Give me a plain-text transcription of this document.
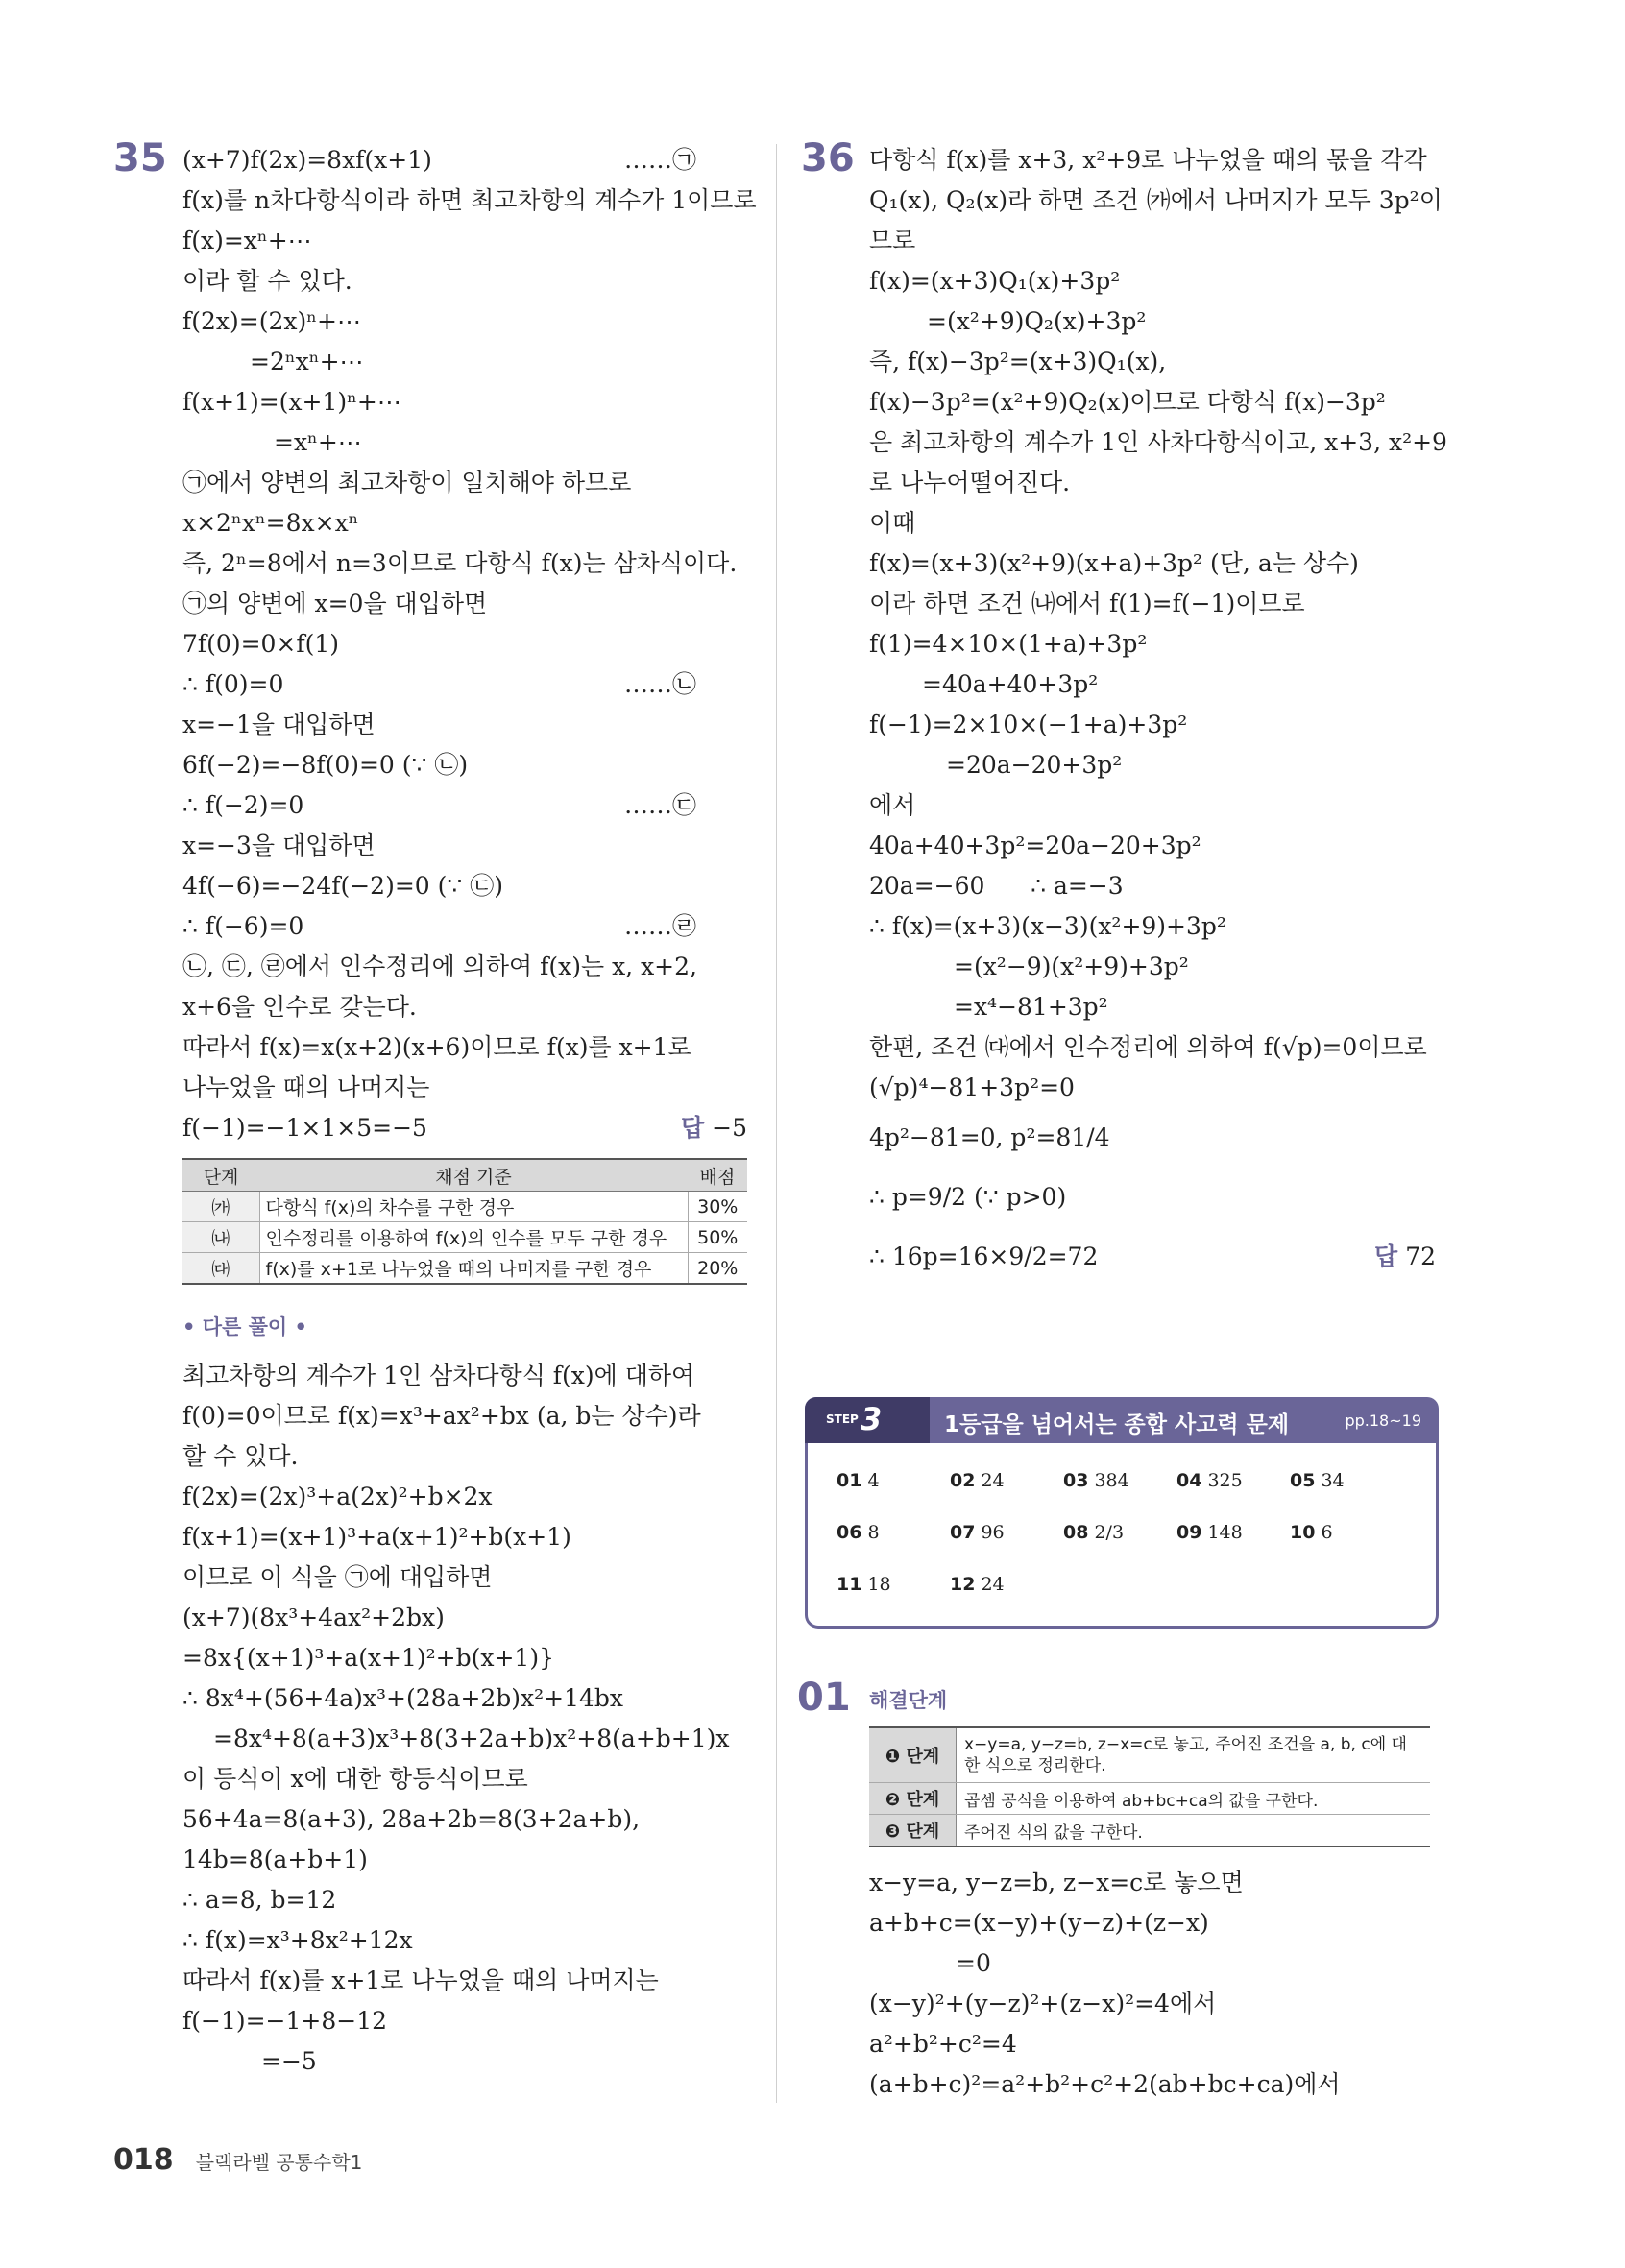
35 (x+7)f(2x)=8xf(x+1)	……㉠
f(x)를 n차다항식이라 하면 최고차항의 계수가 1이므로
f(x)=xⁿ+⋯
이라 할 수 있다.
f(2x)=(2x)ⁿ+⋯
=2ⁿxⁿ+⋯
f(x+1)=(x+1)ⁿ+⋯
=xⁿ+⋯
㉠에서 양변의 최고차항이 일치해야 하므로
x×2ⁿxⁿ=8x×xⁿ
즉, 2ⁿ=8에서 n=3이므로 다항식 f(x)는 삼차식이다.
㉠의 양변에 x=0을 대입하면
7f(0)=0×f(1)
∴ f(0)=0	……㉡
x=−1을 대입하면
6f(−2)=−8f(0)=0 (∵ ㉡)
∴ f(−2)=0	……㉢
x=−3을 대입하면
4f(−6)=−24f(−2)=0 (∵ ㉢)
∴ f(−6)=0	……㉣
㉡, ㉢, ㉣에서 인수정리에 의하여 f(x)는 x, x+2,
x+6을 인수로 갖는다.
따라서 f(x)=x(x+2)(x+6)이므로 f(x)를 x+1로
나누었을 때의 나머지는
f(−1)=−1×1×5=−5	답 −5
단계	채점 기준	배점
㈎	다항식 f(x)의 차수를 구한 경우	30%
㈏	인수정리를 이용하여 f(x)의 인수를 모두 구한 경우	50%
㈐	f(x)를 x+1로 나누었을 때의 나머지를 구한 경우	20%
• 다른 풀이 •
최고차항의 계수가 1인 삼차다항식 f(x)에 대하여
f(0)=0이므로 f(x)=x³+ax²+bx (a, b는 상수)라
할 수 있다.
f(2x)=(2x)³+a(2x)²+b×2x
f(x+1)=(x+1)³+a(x+1)²+b(x+1)
이므로 이 식을 ㉠에 대입하면
(x+7)(8x³+4ax²+2bx)
=8x{(x+1)³+a(x+1)²+b(x+1)}
∴ 8x⁴+(56+4a)x³+(28a+2b)x²+14bx
=8x⁴+8(a+3)x³+8(3+2a+b)x²+8(a+b+1)x
이 등식이 x에 대한 항등식이므로
56+4a=8(a+3), 28a+2b=8(3+2a+b),
14b=8(a+b+1)
∴ a=8, b=12
∴ f(x)=x³+8x²+12x
따라서 f(x)를 x+1로 나누었을 때의 나머지는
f(−1)=−1+8−12
=−5
36 다항식 f(x)를 x+3, x²+9로 나누었을 때의 몫을 각각
Q₁(x), Q₂(x)라 하면 조건 ㈎에서 나머지가 모두 3p²이
므로
f(x)=(x+3)Q₁(x)+3p²
=(x²+9)Q₂(x)+3p²
즉, f(x)−3p²=(x+3)Q₁(x),
f(x)−3p²=(x²+9)Q₂(x)이므로 다항식 f(x)−3p²
은 최고차항의 계수가 1인 사차다항식이고, x+3, x²+9
로 나누어떨어진다.
이때
f(x)=(x+3)(x²+9)(x+a)+3p² (단, a는 상수)
이라 하면 조건 ㈏에서 f(1)=f(−1)이므로
f(1)=4×10×(1+a)+3p²
=40a+40+3p²
f(−1)=2×10×(−1+a)+3p²
=20a−20+3p²
에서
40a+40+3p²=20a−20+3p²
20a=−60      ∴ a=−3
∴ f(x)=(x+3)(x−3)(x²+9)+3p²
=(x²−9)(x²+9)+3p²
=x⁴−81+3p²
한편, 조건 ㈐에서 인수정리에 의하여 f(√p)=0이므로
(√p)⁴−81+3p²=0
4p²−81=0, p²=81/4
∴ p=9/2 (∵ p>0)
∴ 16p=16×9/2=72	답 72
STEP 3	1등급을 넘어서는 종합 사고력 문제	pp.18~19
01 4	02 24	03 384	04 325	05 34
06 8	07 96	08 2/3	09 148	10 6
11 18	12 24
01 해결단계
❶ 단계	x−y=a, y−z=b, z−x=c로 놓고, 주어진 조건을 a, b, c에 대한 식으로 정리한다.
❷ 단계	곱셈 공식을 이용하여 ab+bc+ca의 값을 구한다.
❸ 단계	주어진 식의 값을 구한다.
x−y=a, y−z=b, z−x=c로 놓으면
a+b+c=(x−y)+(y−z)+(z−x)
=0
(x−y)²+(y−z)²+(z−x)²=4에서
a²+b²+c²=4
(a+b+c)²=a²+b²+c²+2(ab+bc+ca)에서
018 블랙라벨 공통수학1
